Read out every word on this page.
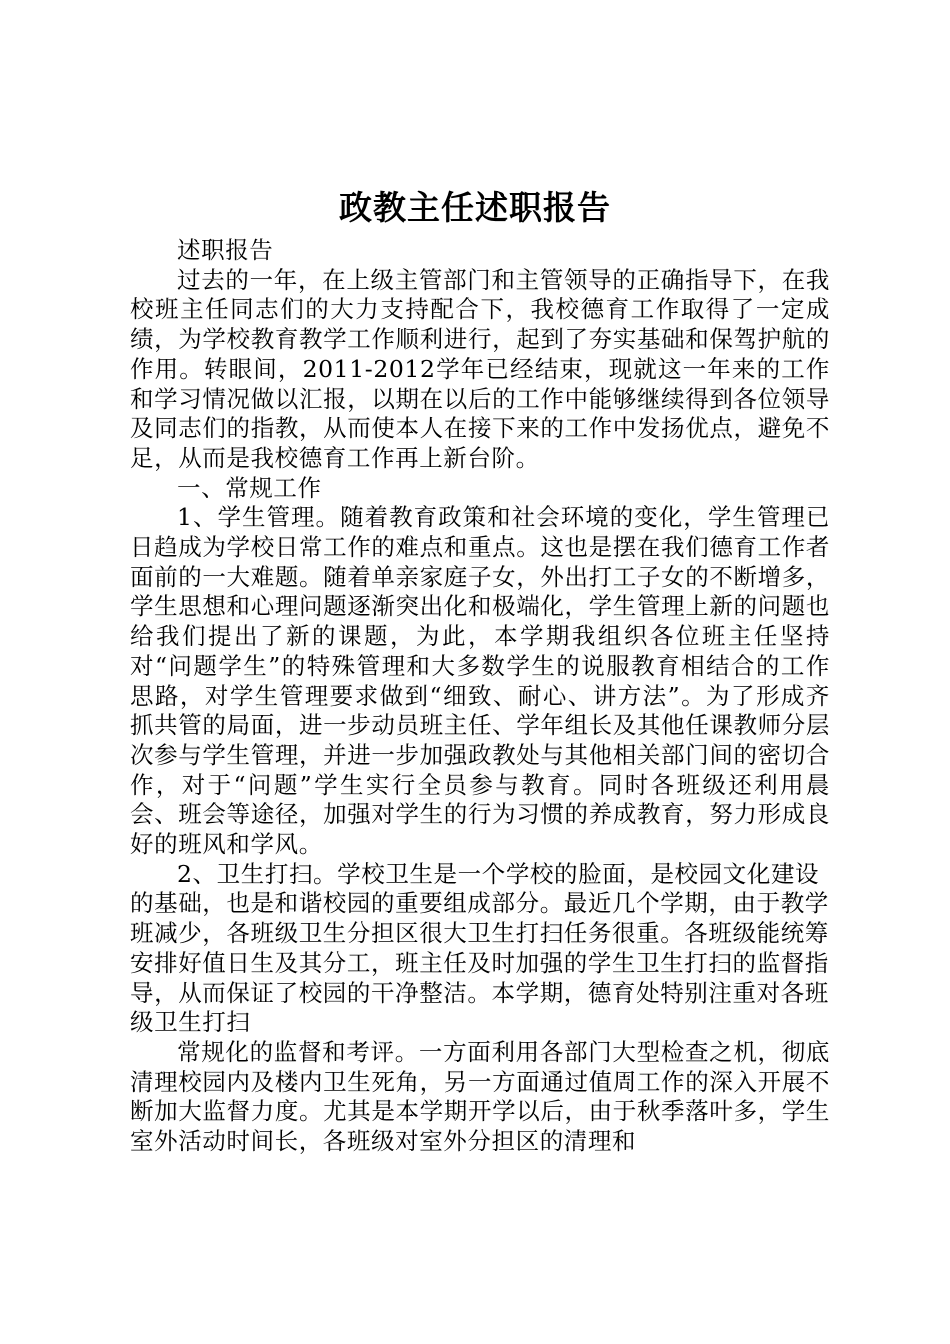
政教主任述职报告

述职报告

过去的一年，在上级主管部门和主管领导的正确指导下，在我校班主任同志们的大力支持配合下，我校德育工作取得了一定成绩，为学校教育教学工作顺利进行，起到了夯实基础和保驾护航的作用。转眼间，2011-2012学年已经结束，现就这一年来的工作和学习情况做以汇报，以期在以后的工作中能够继续得到各位领导及同志们的指教，从而使本人在接下来的工作中发扬优点，避免不足，从而是我校德育工作再上新台阶。

一、常规工作

1、学生管理。随着教育政策和社会环境的变化，学生管理已日趋成为学校日常工作的难点和重点。这也是摆在我们德育工作者面前的一大难题。随着单亲家庭子女，外出打工子女的不断增多，学生思想和心理问题逐渐突出化和极端化，学生管理上新的问题也给我们提出了新的课题，为此，本学期我组织各位班主任坚持对“问题学生”的特殊管理和大多数学生的说服教育相结合的工作思路，对学生管理要求做到“细致、耐心、讲方法”。为了形成齐抓共管的局面，进一步动员班主任、学年组长及其他任课教师分层次参与学生管理，并进一步加强政教处与其他相关部门间的密切合作，对于“问题”学生实行全员参与教育。同时各班级还利用晨会、班会等途径，加强对学生的行为习惯的养成教育，努力形成良好的班风和学风。

2、卫生打扫。学校卫生是一个学校的脸面，是校园文化建设的基础，也是和谐校园的重要组成部分。最近几个学期，由于教学班减少，各班级卫生分担区很大卫生打扫任务很重。各班级能统筹安排好值日生及其分工，班主任及时加强的学生卫生打扫的监督指导，从而保证了校园的干净整洁。本学期，德育处特别注重对各班级卫生打扫

常规化的监督和考评。一方面利用各部门大型检查之机，彻底清理校园内及楼内卫生死角，另一方面通过值周工作的深入开展不断加大监督力度。尤其是本学期开学以后，由于秋季落叶多，学生室外活动时间长，各班级对室外分担区的清理和
